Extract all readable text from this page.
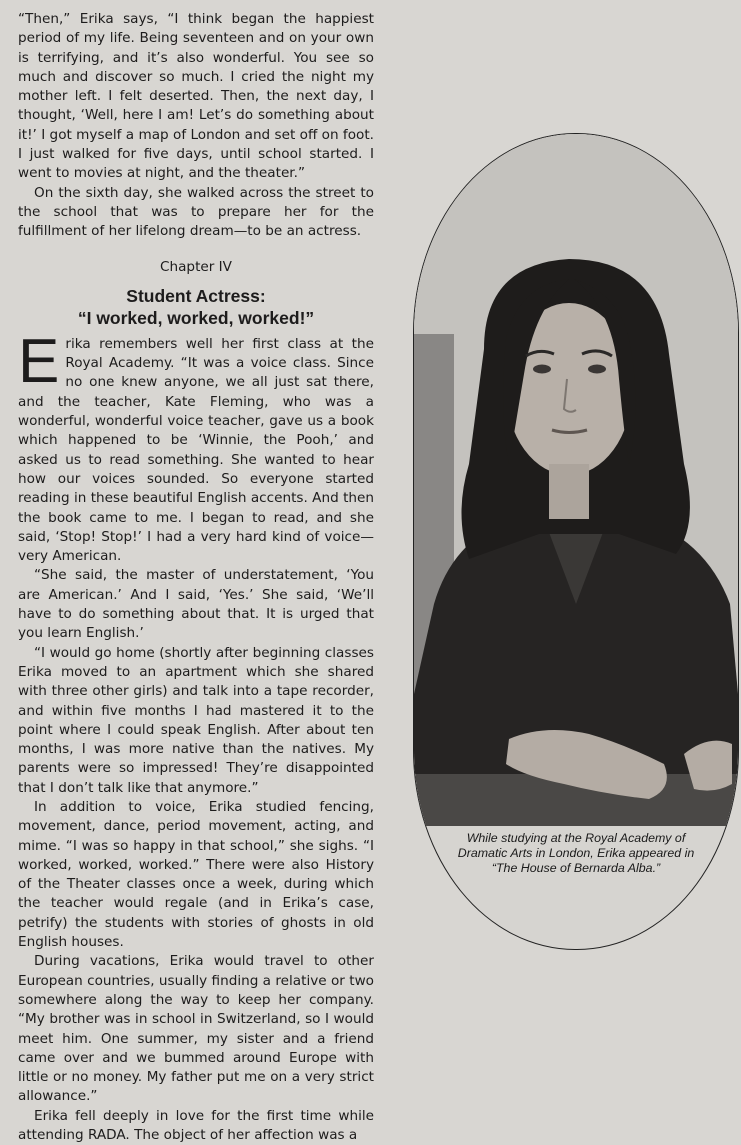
“Then,” Erika says, “I think began the happiest period of my life. Being seventeen and on your own is terrifying, and it’s also wonderful. You see so much and discover so much. I cried the night my mother left. I felt deserted. Then, the next day, I thought, ‘Well, here I am! Let’s do something about it!’ I got myself a map of London and set off on foot. I just walked for five days, until school started. I went to movies at night, and the theater.”

On the sixth day, she walked across the street to the school that was to prepare her for the fulfillment of her lifelong dream—to be an actress.

Chapter IV
Student Actress:
“I worked, worked, worked!”

Erika remembers well her first class at the Royal Academy. “It was a voice class. Since no one knew anyone, we all just sat there, and the teacher, Kate Fleming, who was a wonderful, wonderful voice teacher, gave us a book which happened to be ‘Winnie, the Pooh,’ and asked us to read something. She wanted to hear how our voices sounded. So everyone started reading in these beautiful English accents. And then the book came to me. I began to read, and she said, ‘Stop! Stop!’ I had a very hard kind of voice—very American.

“She said, the master of understatement, ‘You are American.’ And I said, ‘Yes.’ She said, ‘We’ll have to do something about that. It is urged that you learn English.’

“I would go home (shortly after beginning classes Erika moved to an apartment which she shared with three other girls) and talk into a tape recorder, and within five months I had mastered it to the point where I could speak English. After about ten months, I was more native than the natives. My parents were so impressed! They’re disappointed that I don’t talk like that anymore.”

In addition to voice, Erika studied fencing, movement, dance, period movement, acting, and mime. “I was so happy in that school,” she sighs. “I worked, worked, worked.” There were also History of the Theater classes once a week, during which the teacher would regale (and in Erika’s case, petrify) the students with stories of ghosts in old English houses.

During vacations, Erika would travel to other European countries, usually finding a relative or two somewhere along the way to keep her company. “My brother was in school in Switzerland, so I would meet him. One summer, my sister and a friend came over and we bummed around Europe with little or no money. My father put me on a very strict allowance.”

Erika fell deeply in love for the first time while attending RADA. The object of her affection was a

While studying at the Royal Academy of Dramatic Arts in London, Erika appeared in “The House of Bernarda Alba.”
